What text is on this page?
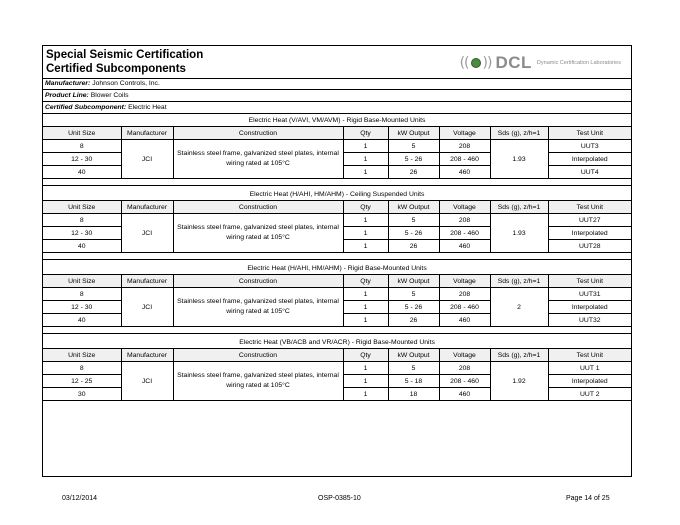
Special Seismic Certification
Certified Subcomponents	(( )) DCL Dynamic Certification Laboratories
Manufacturer: Johnson Controls, Inc.
Product Line: Blower Coils
Certified Subcomponent: Electric Heat
Electric Heat (V/AVI, VM/AVM) - Rigid Base-Mounted Units							
Unit Size	Manufacturer	Construction	Qty	kW Output	Voltage	Sds (g), z/h=1	Test Unit
8	JCI	Stainless steel frame, galvanized steel plates, internal wiring rated at 105°C	1	5	208	1.93	UUT3
12 - 30			1	5 - 26	208 - 460		Interpolated
40			1	26	460		UUT4
Electric Heat (H/AHI, HM/AHM) - Ceiling Suspended Units							
Unit Size	Manufacturer	Construction	Qty	kW Output	Voltage	Sds (g), z/h=1	Test Unit
8	JCI	Stainless steel frame, galvanized steel plates, internal wiring rated at 105°C	1	5	208	1.93	UUT27
12 - 30			1	5 - 26	208 - 460		Interpolated
40			1	26	460		UUT28
Electric Heat (H/AHI, HM/AHM) - Rigid Base-Mounted Units							
Unit Size	Manufacturer	Construction	Qty	kW Output	Voltage	Sds (g), z/h=1	Test Unit
8	JCI	Stainless steel frame, galvanized steel plates, internal wiring rated at 105°C	1	5	208	2	UUT31
12 - 30			1	5 - 26	208 - 460		Interpolated
40			1	26	460		UUT32
Electric Heat (VB/ACB and VR/ACR) - Rigid Base-Mounted Units							
Unit Size	Manufacturer	Construction	Qty	kW Output	Voltage	Sds (g), z/h=1	Test Unit
8	JCI	Stainless steel frame, galvanized steel plates, internal wiring rated at 105°C	1	5	208	1.92	UUT 1
12 - 25			1	5 - 18	208 - 460		Interpolated
30			1	18	460		UUT 2
03/12/2014	OSP-0385-10	Page 14 of 25
